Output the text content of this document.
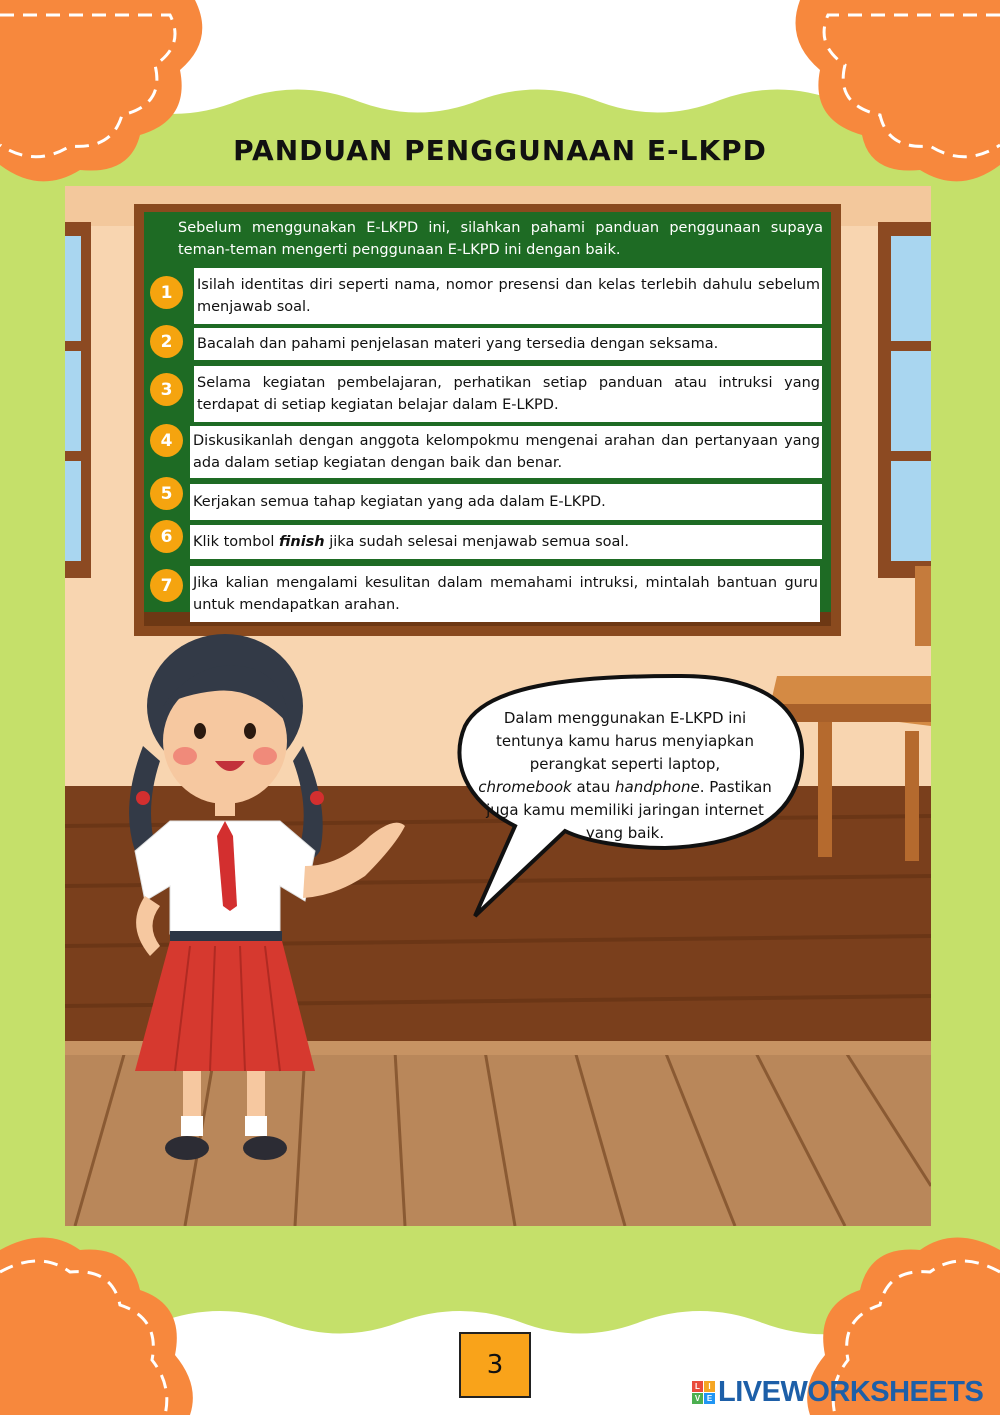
PANDUAN PENGGUNAAN E-LKPD
Sebelum menggunakan E-LKPD ini, silahkan pahami panduan penggunaan supaya teman-teman mengerti penggunaan E-LKPD ini dengan baik.
1	Isilah identitas diri seperti nama, nomor presensi dan kelas terlebih dahulu sebelum menjawab soal.
2	Bacalah dan pahami penjelasan materi yang tersedia dengan seksama.
3	Selama kegiatan pembelajaran, perhatikan setiap panduan atau intruksi yang terdapat di setiap kegiatan belajar dalam E-LKPD.
4	Diskusikanlah dengan anggota kelompokmu mengenai arahan dan pertanyaan yang ada dalam setiap kegiatan dengan baik dan benar.
5	Kerjakan semua tahap kegiatan yang ada dalam E-LKPD.
6	Klik tombol finish jika sudah selesai menjawab semua soal.
7	Jika kalian mengalami kesulitan dalam memahami intruksi, mintalah bantuan guru untuk mendapatkan arahan.
Dalam menggunakan E-LKPD ini tentunya kamu harus menyiapkan perangkat seperti laptop,
chromebook atau handphone. Pastikan juga kamu memiliki jaringan internet yang baik.
3
L	I
V E LIVEWORKSHEETS
